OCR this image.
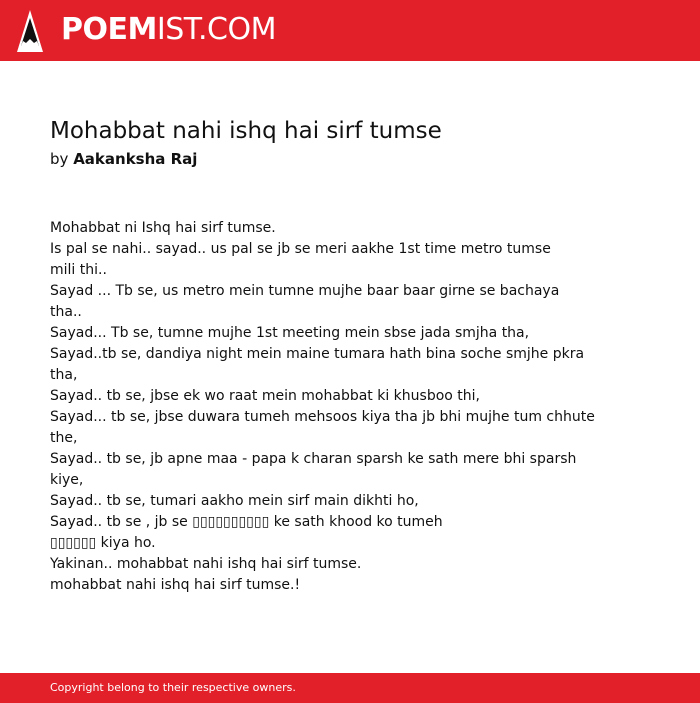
POEMIST.COM
Mohabbat nahi ishq hai sirf tumse
by Aakanksha Raj
Mohabbat ni Ishq hai sirf tumse.
Is pal se nahi.. sayad.. us pal se jb se meri aakhe 1st time metro tumse
mili thi..
Sayad ... Tb se, us metro mein tumne mujhe baar baar girne se bachaya
tha..
Sayad... Tb se, tumne mujhe 1st meeting mein sbse jada smjha tha,
Sayad..tb se, dandiya night mein maine tumara hath bina soche smjhe pkra
tha,
Sayad.. tb se, jbse ek wo raat mein mohabbat ki khusboo thi,
Sayad... tb se, jbse duwara tumeh mehsoos kiya tha jb bhi mujhe tum chhute
the,
Sayad.. tb se, jb apne maa - papa k charan sparsh ke sath mere bhi sparsh
kiye,
Sayad.. tb se, tumari aakho mein sirf main dikhti ho,
Sayad.. tb se , jb se ▯▯▯▯▯▯▯▯▯▯ ke sath khood ko tumeh
▯▯▯▯▯▯ kiya ho.
Yakinan.. mohabbat nahi ishq hai sirf tumse.
mohabbat nahi ishq hai sirf tumse.!
Copyright belong to their respective owners.
